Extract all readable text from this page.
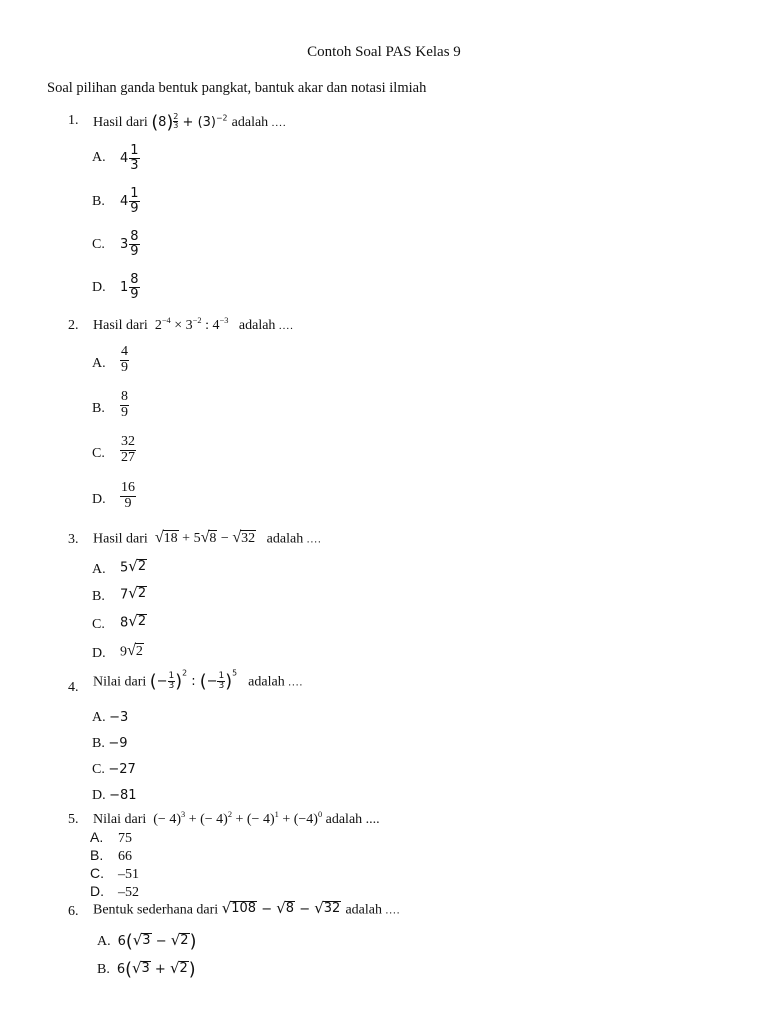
Contoh Soal PAS Kelas 9
Soal pilihan ganda bentuk pangkat, bantuk akar dan notasi ilmiah
1. Hasil dari $(8) \frac{2}{3} + (3)^{-2}$ adalah ....
A. $4 \frac{1}{3}$
B. $4 \frac{1}{9}$
C. $3 \frac{8}{9}$
D. $1 \frac{8}{9}$
2. Hasil dari $2^{-4} \times 3^{-2}$ : $4^{-3}$ adalah ....
A. $\frac{4}{9}$
B. $\frac{8}{9}$
C. $\frac{32}{27}$
D. $\frac{16}{9}$
3. Hasil dari √ 18 + 5 √ 8 − √ 32 adalah ....
A. 5 √ 2
B. 7 √ 2
C. 8 √ 2
D. 9 √ 2
4. Nilai dari (− $\frac{1}{3} )^2$ : (− $\frac{1}{3} )^5$   adalah ....
A. −3
B. −9
C. −27
D. −81
5. Nilai dari (− 4)$^3$ + (− 4)$^2$ + (− $4)^1 + (-4)^0$ adalah ....
A. 75
B. 66
C. –51
D. –52
6. Bentuk sederhana dari √ 108 − √ 8 − √ 32 adalah ....
A. 6( √ 3 − √ 2 )
B. 6( √ 3 + √ 2 )
